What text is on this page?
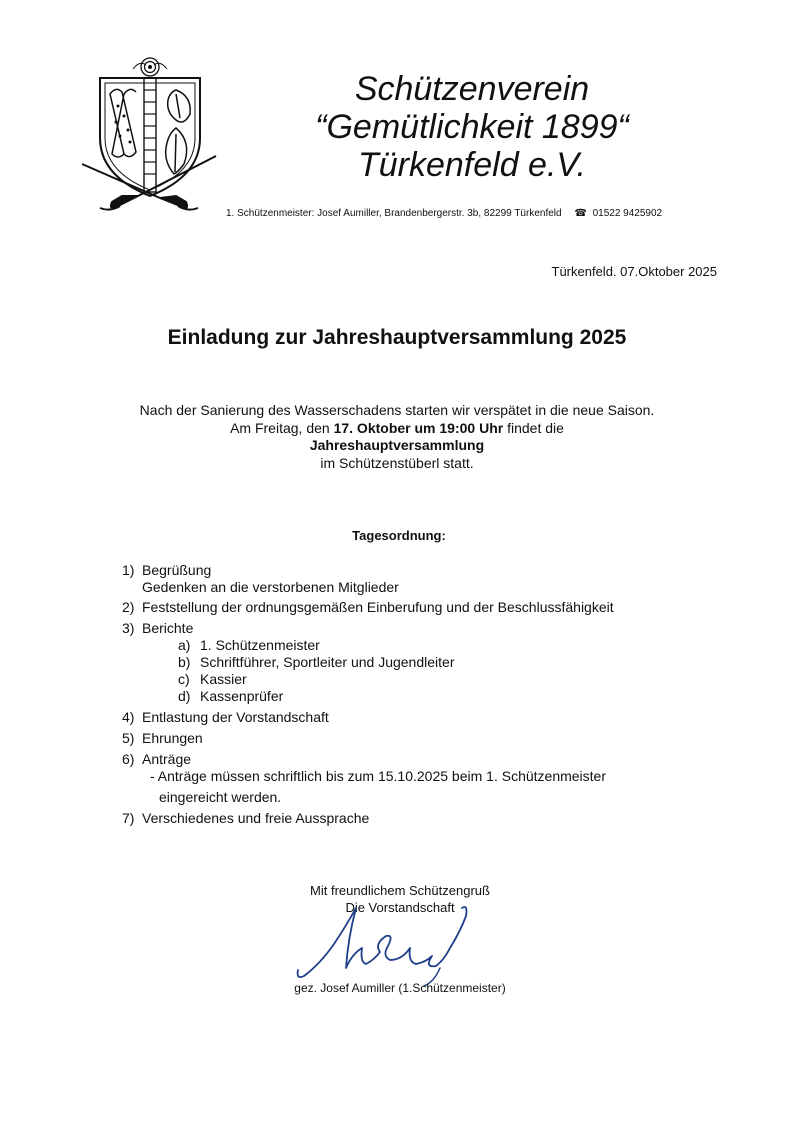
Schützenverein
“Gemütlichkeit 1899“
Türkenfeld e.V.
1. Schützenmeister: Josef Aumiller, Brandenbergerstr. 3b, 82299 Türkenfeld ☎ 01522 9425902
Türkenfeld. 07.Oktober 2025
Einladung zur Jahreshauptversammlung 2025
Nach der Sanierung des Wasserschadens starten wir verspätet in die neue Saison.
Am Freitag, den 17. Oktober um 19:00 Uhr findet die
Jahreshauptversammlung
im Schützenstüberl statt.
Tagesordnung:
1) Begrüßung
Gedenken an die verstorbenen Mitglieder
2) Feststellung der ordnungsgemäßen Einberufung und der Beschlussfähigkeit
3) Berichte
a) 1. Schützenmeister
b) Schriftführer, Sportleiter und Jugendleiter
c) Kassier
d) Kassenprüfer
4) Entlastung der Vorstandschaft
5) Ehrungen
6) Anträge
- Anträge müssen schriftlich bis zum 15.10.2025 beim 1. Schützenmeister
eingereicht werden.
7) Verschiedenes und freie Aussprache
Mit freundlichem Schützengruß
Die Vorstandschaft
gez. Josef Aumiller (1.Schützenmeister)
